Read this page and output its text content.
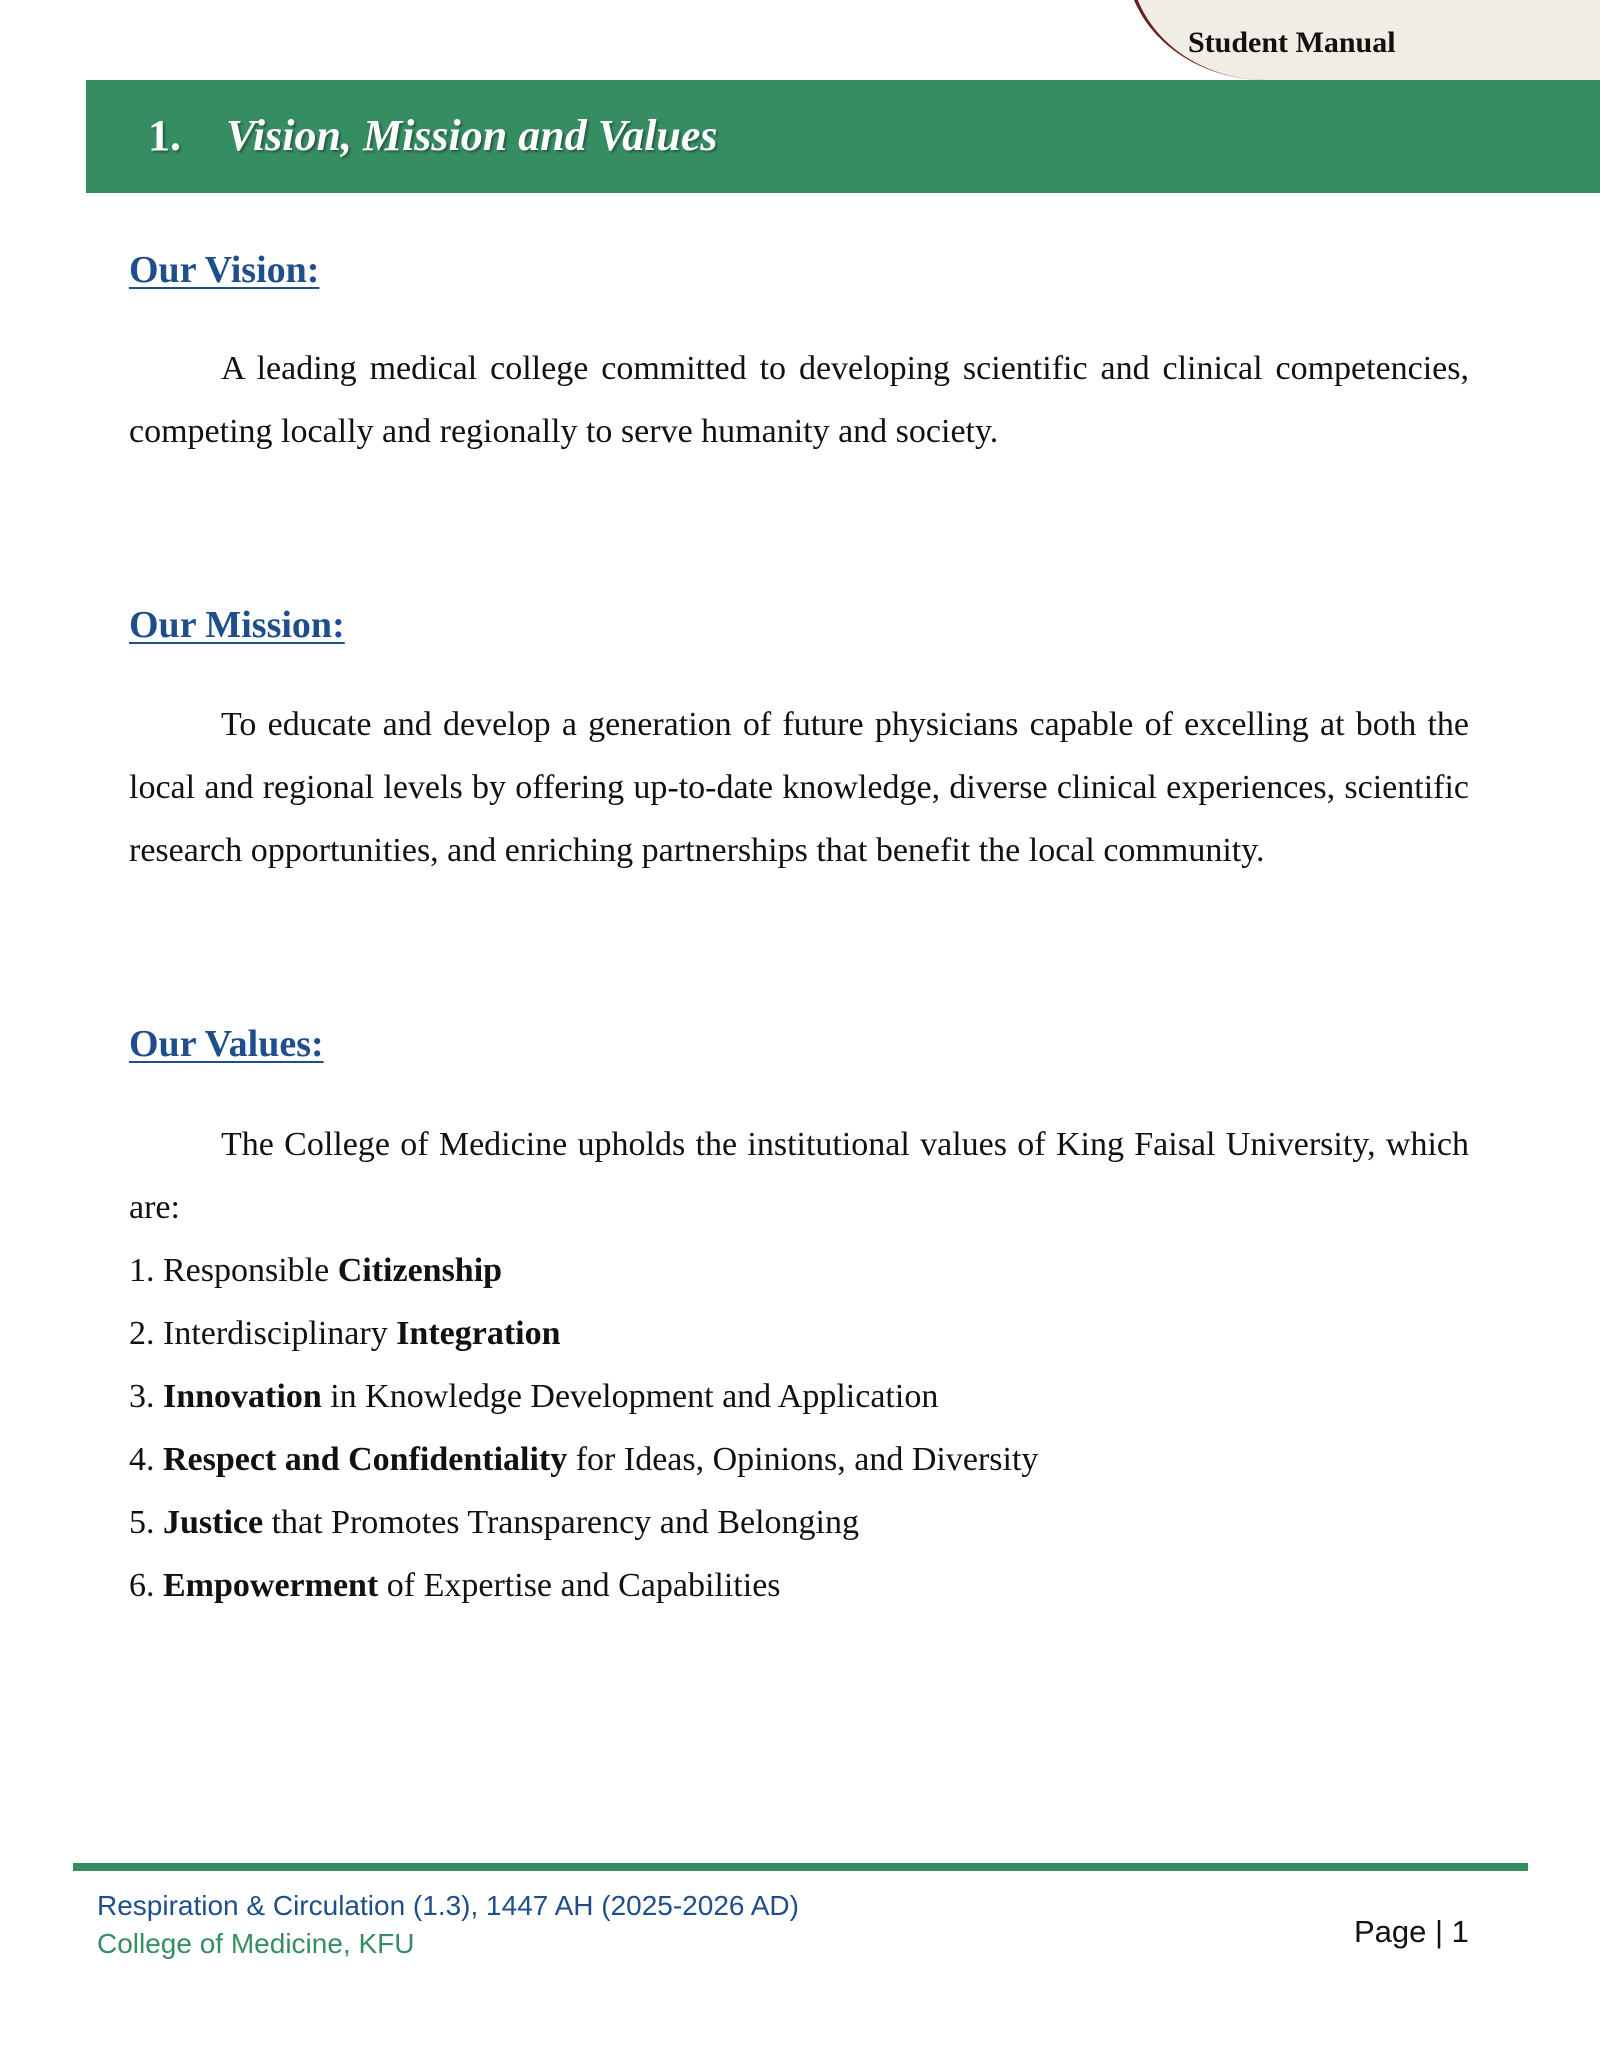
Student Manual
1. Vision, Mission and Values
Our Vision:
A leading medical college committed to developing scientific and clinical competencies, competing locally and regionally to serve humanity and society.
Our Mission:
To educate and develop a generation of future physicians capable of excelling at both the local and regional levels by offering up-to-date knowledge, diverse clinical experiences, scientific research opportunities, and enriching partnerships that benefit the local community.
Our Values:
The College of Medicine upholds the institutional values of King Faisal University, which are:
1. Responsible Citizenship
2. Interdisciplinary Integration
3. Innovation in Knowledge Development and Application
4. Respect and Confidentiality for Ideas, Opinions, and Diversity
5. Justice that Promotes Transparency and Belonging
6. Empowerment of Expertise and Capabilities
Respiration & Circulation (1.3), 1447 AH (2025-2026 AD)
College of Medicine, KFU	Page | 1
